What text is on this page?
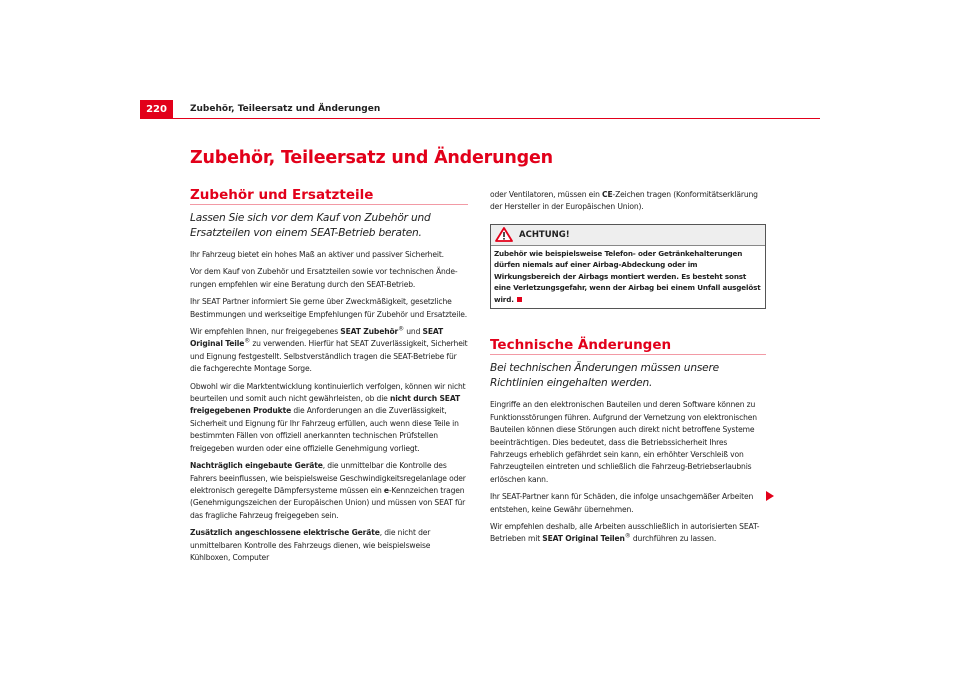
220	Zubehör, Teileersatz und Änderungen
Zubehör, Teileersatz und Änderungen
Zubehör und Ersatzteile
Lassen Sie sich vor dem Kauf von Zubehör und Ersatzteilen von einem SEAT-Betrieb beraten.

Ihr Fahrzeug bietet ein hohes Maß an aktiver und passiver Sicherheit.

Vor dem Kauf von Zubehör und Ersatzteilen sowie vor technischen Änderungen empfehlen wir eine Beratung durch den SEAT-Betrieb.

Ihr SEAT Partner informiert Sie gerne über Zweckmäßigkeit, gesetzliche Bestimmungen und werkseitige Empfehlungen für Zubehör und Ersatzteile.

Wir empfehlen Ihnen, nur freigegebenes SEAT Zubehör® und SEAT Original Teile® zu verwenden. Hierfür hat SEAT Zuverlässigkeit, Sicherheit und Eignung festgestellt. Selbstverständlich tragen die SEAT-Betriebe für die fachgerechte Montage Sorge.

Obwohl wir die Marktentwicklung kontinuierlich verfolgen, können wir nicht beurteilen und somit auch nicht gewährleisten, ob die nicht durch SEAT freigegebenen Produkte die Anforderungen an die Zuverlässigkeit, Sicherheit und Eignung für Ihr Fahrzeug erfüllen, auch wenn diese Teile in bestimmten Fällen von offiziell anerkannten technischen Prüfstellen freigegeben wurden oder eine offizielle Genehmigung vorliegt.

Nachträglich eingebaute Geräte, die unmittelbar die Kontrolle des Fahrers beeinflussen, wie beispielsweise Geschwindigkeitsregelanlage oder elektronisch geregelte Dämpfersysteme müssen ein e-Kennzeichen tragen (Genehmigungszeichen der Europäischen Union) und müssen von SEAT für das fragliche Fahrzeug freigegeben sein.

Zusätzlich angeschlossene elektrische Geräte, die nicht der unmittelbaren Kontrolle des Fahrzeugs dienen, wie beispielsweise Kühlboxen, Computer

oder Ventilatoren, müssen ein CE-Zeichen tragen (Konformitätserklärung der Hersteller in der Europäischen Union).

ACHTUNG!
Zubehör wie beispielsweise Telefon- oder Getränkehalterungen dürfen niemals auf einer Airbag-Abdeckung oder im Wirkungsbereich der Airbags montiert werden. Es besteht sonst eine Verletzungsgefahr, wenn der Airbag bei einem Unfall ausgelöst wird.
Technische Änderungen
Bei technischen Änderungen müssen unsere Richtlinien eingehalten werden.

Eingriffe an den elektronischen Bauteilen und deren Software können zu Funktionsstörungen führen. Aufgrund der Vernetzung von elektronischen Bauteilen können diese Störungen auch direkt nicht betroffene Systeme beeinträchtigen. Dies bedeutet, dass die Betriebssicherheit Ihres Fahrzeugs erheblich gefährdet sein kann, ein erhöhter Verschleiß von Fahrzeugteilen eintreten und schließlich die Fahrzeug-Betriebserlaubnis erlöschen kann.

Ihr SEAT-Partner kann für Schäden, die infolge unsachgemäßer Arbeiten entstehen, keine Gewähr übernehmen.

Wir empfehlen deshalb, alle Arbeiten ausschließlich in autorisierten SEAT-Betrieben mit SEAT Original Teilen® durchführen zu lassen.
